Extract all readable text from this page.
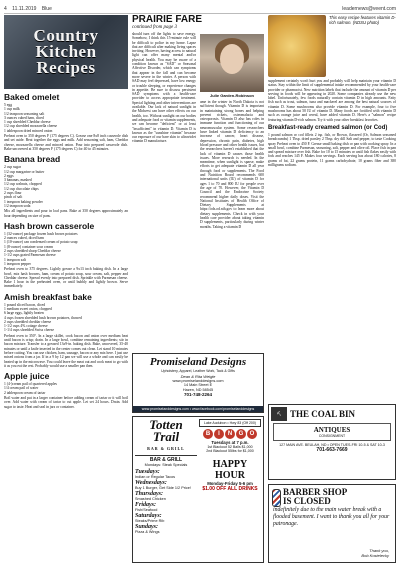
4 11.11.2019 Blue	leadernews@veent.com
Country
Kitchen
Recipes
Baked omelet

5 egg

1 cup milk

1/2 teaspoon seasoning salt

3 ounces cubed ham, diced

1 cup shredded Cheddar cheese

1/2 cup shredded mozzarella cheese

1 tablespoon dried minced onion

Preheat oven to 350 degrees F (175 degrees C). Grease one 8x8 inch casserole dish and set aside. Beat together the eggs and milk. Add seasoning salt, ham, Cheddar cheese, mozzarella cheese and minced onion. Pour into prepared casserole dish. Bake uncovered at 350 degrees F (175 degrees C) for 40 to 45 minutes.

Banana bread

2 cup sugar

1/2 cup margarine or butter

2 eggs

3 bananas, mashed

1/2 cup walnuts, chopped

1/2 cup chocolate chips

2 cups flour

pinch of salt

1 teaspoon baking powder

1/2 teaspoon soda

Mix all ingredients and pour in loaf pans. Bake at 350 degrees approximately an hour depending on size of pans.

Hash brown casserole

1 (32-ounce) package frozen hash brown potatoes

2 ounces cubed, diced ham

1 (10-ounce) can condensed cream of potato soup

1 (8-ounce) container sour cream

2 cups shredded sharp Cheddar cheese

1-1/2 cups grated Parmesan cheese

1 teaspoon salt

1 teaspoon pepper

Preheat oven to 375 degrees. Lightly grease a 9x13 inch baking dish. In a large bowl, mix hash browns, ham, cream of potato soup, sour cream, salt, pepper and Cheddar cheese. Spread evenly into prepared dish. Sprinkle with Parmesan cheese. Bake 1 hour in the preheated oven, or until bubbly and lightly brown. Serve immediately.

Amish breakfast bake

1 pound sliced bacon, diced

1 medium sweet onion, chopped

6 large eggs, lightly beaten

4 cups frozen shredded hash brown potatoes, thawed

2 cups shredded cheddar cheese

1-1/2 cups 4% cottage cheese

1-1/4 cups shredded Swiss cheese

Preheat oven to 350°. In a large skillet, cook bacon and onion over medium heat until bacon is crisp; drain. In a large bowl, combine remaining ingredients; stir in bacon mixture. Transfer to a greased 13x9-in. baking dish. Bake, uncovered, 35-40 minutes or until a knife inserted in the center comes out clean. Let stand 10 minutes before cutting. You can use chicken, ham, sausage, bacon or any mix here. I just use mixed onions from a jar. If in a 9 by 12 pan we will use a whole and can easily be heated up in the microwave. You could leave the meat out and cook meat to go with it as you eat the rest. Probably would use a smaller pan then.

Apple juice

1 (4-)cream pail of quartered apples

1/4 cream pail of water

2 tablespoon cream of tartar

Boil water and put in a larger container before adding cream of tartar or it will boil over. Add water with cream of tartar to cut apple. Let set 24 hours. Drain. Add sugar to taste. Heat and seal in jars or container.

PRAIRIE FARE

continued from page 3

should turn off the lights to save energy. Somehow, I think this 15-minute rule will be difficult to police in my home. Lapse that are difficult after making living spaces inviting. However, having access to natural light can offer many mental and/or physical health. You may be aware of a condition known as "SAD" or Seasonal Affective Disorder, which can symptoms that appear in the fall and can become more severe in the winter. A person with SAD may feel depressed, have low energy or trouble sleeping, or experience changes in appetite. Be sure to discuss persistent SAD symptoms with a health-care provider to access appropriate treatment. Special lighting and other interventions are available. Our lack of natural sunlight in the Midwest can have other effects on our health, too. Without sunlight on our bodies and adequate food or vitamin supplements, we can become "deficient" or at least "insufficient" in vitamin D. Vitamin D is known as the "sunshine vitamin" because our exposure of our bare skin to ultraviolet vitamin D manufacture.

Julie Garden-Robinson

ame in the winter in North Dakota is not sufficient though. Vitamin D is important in maintaining strong bones and helping prevent rickets, osteomalacia and osteoporosis. Vitamin D also has roles in immune function and functioning of our neuromuscular system. Some researchers have linked vitamin D deficiency to an increase of cancer, heart disease, depression, chronic pain, diabetes, high blood pressure and other health issues, but the researchers haven't established that the lack of vitamin D causes those health issues. More research is needed. In the meantime, when sunlight is sparse, make efforts to get adequate vitamin D all year through food or supplements. The Food and Nutrition Board recommends 600 international units (IU) of vitamin D for ages 1 to 70 and 800 IU for people over the age of 70. However, the Vitamin D Council and the Endocrine Society recommend higher daily doses. Visit the National Institutes of Health Office of Dietary Supplements at https://ods.od.nih.gov to learn more about dietary supplements. Check in with your health care provider about taking vitamin D supplements, particularly during winter months. Taking a vitamin D

This easy recipe features vitamin D-rich salmon. (NDSU photo)

supplement certainly won't hurt you and probably will help maintain your vitamin D status. Stay within the limit of supplemental intake recommended by your health-care provider or pharmacist. New nutrition labels that include the amount of vitamin D per serving in foods will be appearing in 2020. Some companies already use the new label. Unfortunately, few foods naturally contain vitamin D in high amounts. Fatty fish such as trout, salmon, tuna and mackerel are among the best natural sources of vitamin D. Some mushrooms also provide vitamin D. For example, four to five mushrooms has about 50 IU of vitamin D. Many foods are fortified with vitamin D such as orange juice and cereal, have added vitamin D. Here's a "salmon" recipe featuring vitamin D-rich salmon. Try it with your other breakfast favorites.

Breakfast-ready creamed salmon (or Cod)

1 pound salmon or cod fillets 2 tsp. fish, or Brown, flaxseed (Or, Salmon seasoned breadcrumbs) 1 Tbsp. dried parsley 2 Tbsp. dry dill Salt and pepper, to taste Cooking spray Preheat oven to 450 F. Grease small baking dish or pan with cooking spray. In a small bowl, combine Parmesan, seasoning, salt, pepper and olive oil. Place fish in pan and spread mixture over fish. Bake for 10 to 15 minutes or until fish flakes easily with fork and reaches 145 F. Makes four servings. Each serving has about 180 calories, 8 grams of fat, 22 grams protein, 11 grams carbohydrate, 10 grams fiber and 380 milligrams sodium.

Promiseland Designs
Upholstery, Apparel, Leather Work, Tack & Gifts
Dean & Rita Weigle
www.promiselanddesigns.com
14 Main Street E
Hazen, ND 58545
701-748-2264
www.promiselanddesigns.com • www.facebook.com/promiselanddesigns
Totten Trail
BAR & GRILL
BAR & GRILL
Mondays: Steak Specials
Tuesdays:
Indian or Regular Tacos
Wednesdays:
Buy 1 Burger, Get Side 1/2 Price!
Thursdays:
Smashed Chicken
Fridays:
Fish/Seafood
Saturdays:
Steaks/Prime Rib
Sundays:
Pizza & Wings
Lake Audubon • Hwy 83 (Off 200)
B	I	N	G	O
Tuesdays at 7 p.m.
1st Blackout 52 Balls $1,000
2nd Blackout 55lbs for $1,000
HAPPY HOUR
Monday-Friday 5-6 pm
$1.00 OFF ALL DRINKS
⛏ THE COAL BIN
ANTIQUES
CONSIGNMENT
127 MAIN AVE. BEULAH, ND • OPEN TUES-FRI 10-5 & SAT 10-3
701-663-7669
BARBER SHOP
IS CLOSED
indefinitely due to the main water break with a flooded basement. I want to thank you all for your patronage.
Thank you,
Bob Kostelecky
